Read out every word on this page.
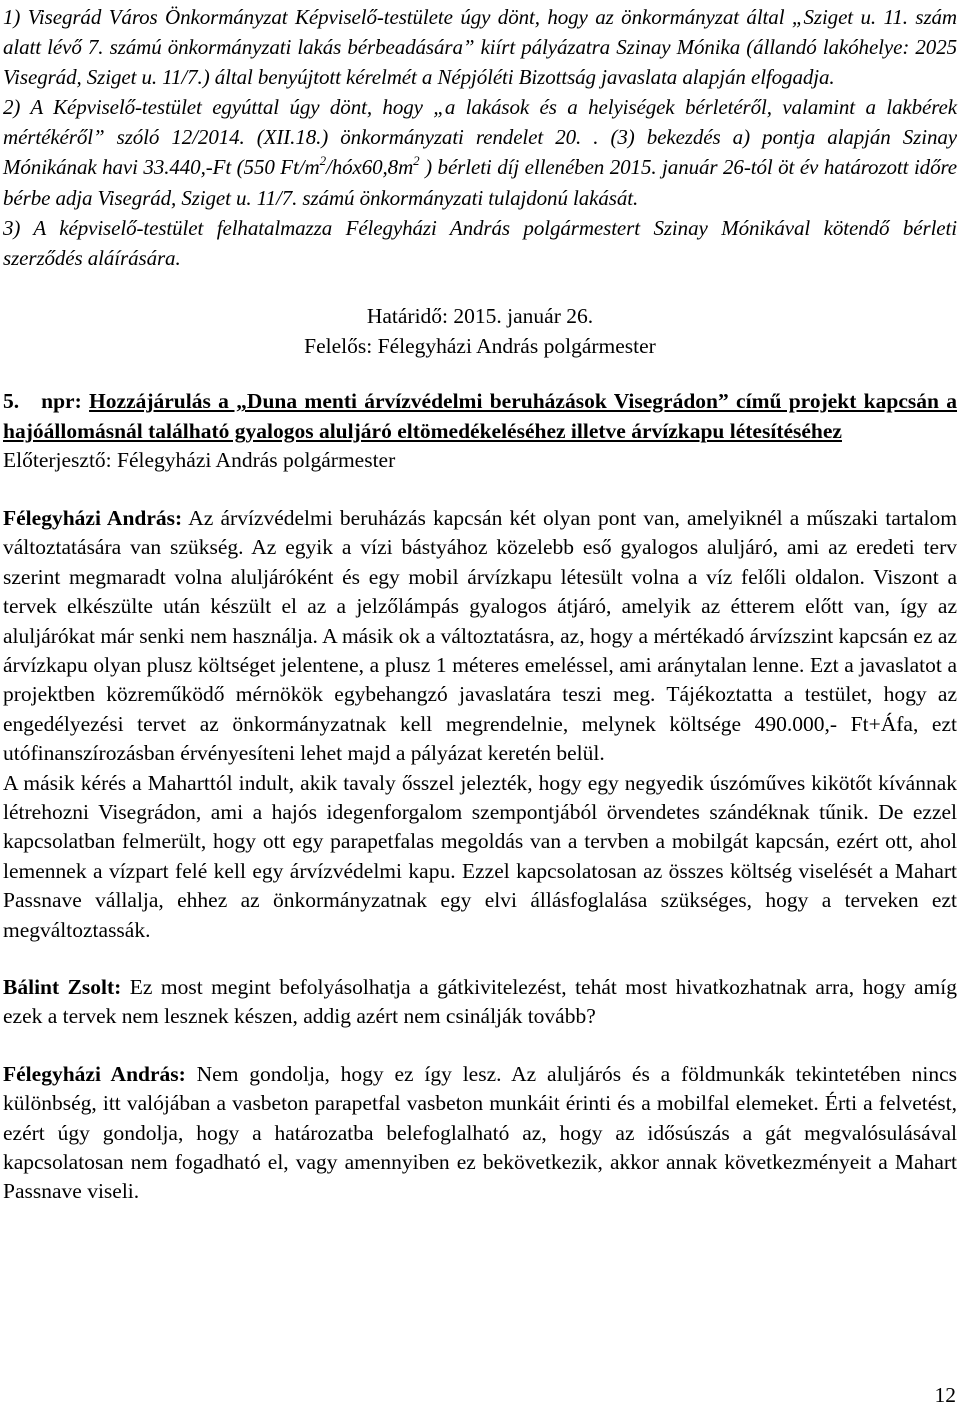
1) Visegrád Város Önkormányzat Képviselő-testülete úgy dönt, hogy az önkormányzat által „Sziget u. 11. szám alatt lévő 7. számú önkormányzati lakás bérbeadására” kiírt pályázatra Szinay Mónika (állandó lakóhelye: 2025 Visegrád, Sziget u. 11/7.) által benyújtott kérelmét a Népjóléti Bizottság javaslata alapján elfogadja.

2) A Képviselő-testület egyúttal úgy dönt, hogy „a lakások és a helyiségek bérletéről, valamint a lakbérek mértékéről” szóló 12/2014. (XII.18.) önkormányzati rendelet 20. . (3) bekezdés a) pontja alapján Szinay Mónikának havi 33.440,-Ft (550 $Ft/m^2/hóx60,8m^2$ ) bérleti díj ellenében 2015. január 26-tól öt év határozott időre bérbe adja Visegrád, Sziget u. 11/7. számú önkormányzati tulajdonú lakását.

3) A képviselő-testület felhatalmazza Félegyházi András polgármestert Szinay Mónikával kötendő bérleti szerződés aláírására.

Határidő: 2015. január 26.

Felelős: Félegyházi András polgármester

5. npr: Hozzájárulás a „Duna menti árvízvédelmi beruházások Visegrádon” című projekt kapcsán a hajóállomásnál található gyalogos aluljáró eltömedékeléséhez illetve árvízkapu létesítéséhez

Előterjesztő: Félegyházi András polgármester

Félegyházi András: Az árvízvédelmi beruházás kapcsán két olyan pont van, amelyiknél a műszaki tartalom változtatására van szükség. Az egyik a vízi bástyához közelebb eső gyalogos aluljáró, ami az eredeti terv szerint megmaradt volna aluljáróként és egy mobil árvízkapu létesült volna a víz felőli oldalon. Viszont a tervek elkészülte után készült el az a jelzőlámpás gyalogos átjáró, amelyik az étterem előtt van, így az aluljárókat már senki nem használja. A másik ok a változtatásra, az, hogy a mértékadó árvízszint kapcsán ez az árvízkapu olyan plusz költséget jelentene, a plusz 1 méteres emeléssel, ami aránytalan lenne. Ezt a javaslatot a projektben közreműködő mérnökök egybehangzó javaslatára teszi meg. Tájékoztatta a testület, hogy az engedélyezési tervet az önkormányzatnak kell megrendelnie, melynek költsége 490.000,- Ft+Áfa, ezt utófinanszírozásban érvényesíteni lehet majd a pályázat keretén belül.

A másik kérés a Maharttól indult, akik tavaly ősszel jelezték, hogy egy negyedik úszóműves kikötőt kívánnak létrehozni Visegrádon, ami a hajós idegenforgalom szempontjából örvendetes szándéknak tűnik. De ezzel kapcsolatban felmerült, hogy ott egy parapetfalas megoldás van a tervben a mobilgát kapcsán, ezért ott, ahol lemennek a vízpart felé kell egy árvízvédelmi kapu. Ezzel kapcsolatosan az összes költség viselését a Mahart Passnave vállalja, ehhez az önkormányzatnak egy elvi állásfoglalása szükséges, hogy a terveken ezt megváltoztassák.

Bálint Zsolt: Ez most megint befolyásolhatja a gátkivitelezést, tehát most hivatkozhatnak arra, hogy amíg ezek a tervek nem lesznek készen, addig azért nem csinálják tovább?

Félegyházi András: Nem gondolja, hogy ez így lesz. Az aluljárós és a földmunkák tekintetében nincs különbség, itt valójában a vasbeton parapetfal vasbeton munkáit érinti és a mobilfal elemeket. Érti a felvetést, ezért úgy gondolja, hogy a határozatba belefoglalható az, hogy az idősúszás a gát megvalósulásával kapcsolatosan nem fogadható el, vagy amennyiben ez bekövetkezik, akkor annak következményeit a Mahart Passnave viseli.

12
